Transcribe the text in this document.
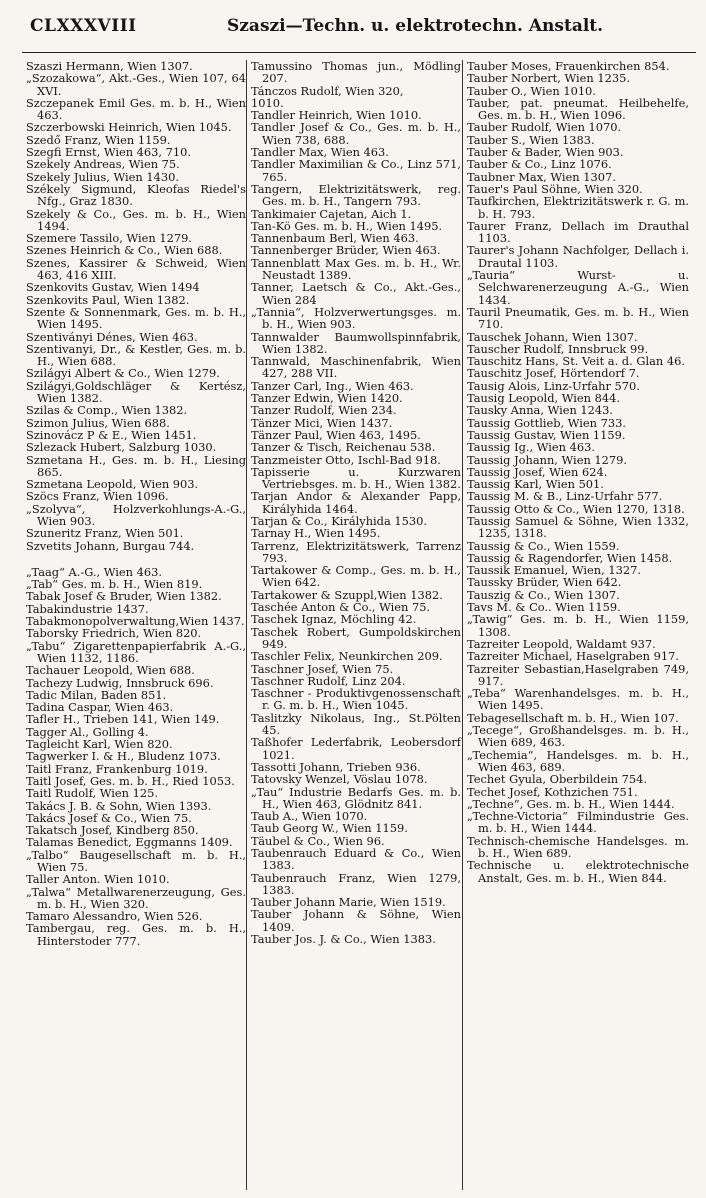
CLXXXVIII	Szaszi—Techn. u. elektrotechn. Anstalt.
Szaszi Hermann, Wien 1307.
„Szozakowa“, Akt.-Ges., Wien 107, 64 XVI.
Szczepanek Emil Ges. m. b. H., Wien 463.
Szczerbowski Heinrich, Wien 1045.
Szedő Franz, Wien 1159.
Szegfi Ernst, Wien 463, 710.
Szekely Andreas, Wien 75.
Szekely Julius, Wien 1430.
Székely Sigmund, Kleofas Riedel's Nfg., Graz 1830.
Szekely & Co., Ges. m. b. H., Wien 1494.
Szemere Tassilo, Wien 1279.
Szenes Heinrich & Co., Wien 688.
Szenes, Kassirer & Schweid, Wien 463, 416 XIII.
Szenkovits Gustav, Wien 1494
Szenkovits Paul, Wien 1382.
Szente & Sonnenmark, Ges. m. b. H., Wien 1495.
Szentiványi Dénes, Wien 463.
Szentivanyi, Dr., & Kestler, Ges. m. b. H., Wien 688.
Szilágyi Albert & Co., Wien 1279.
Szilágyi,Goldschläger & Kertész, Wien 1382.
Szilas & Comp., Wien 1382.
Szimon Julius, Wien 688.
Szinovácz P & E., Wien 1451.
Szlezack Hubert, Salzburg 1030.
Szmetana H., Ges. m. b. H., Liesing 865.
Szmetana Leopold, Wien 903.
Szöcs Franz, Wien 1096.
„Szolyva“, Holzverkohlungs-A.-G., Wien 903.
Szuneritz Franz, Wien 501.
Szvetits Johann, Burgau 744.
„Taag“ A.-G., Wien 463.
„Tab“ Ges. m. b. H., Wien 819.
Tabak Josef & Bruder, Wien 1382.
Tabakindustrie 1437.
Tabakmonopolverwaltung,Wien 1437.
Taborsky Friedrich, Wien 820.
„Tabu“ Zigarettenpapierfabrik A.-G., Wien 1132, 1186.
Tachauer Leopold, Wien 688.
Tachezy Ludwig, Innsbruck 696.
Tadic Milan, Baden 851.
Tadina Caspar, Wien 463.
Tafler H., Trieben 141, Wien 149.
Tagger Al., Golling 4.
Tagleicht Karl, Wien 820.
Tagwerker I. & H., Bludenz 1073.
Taitl Franz, Frankenburg 1019.
Taitl Josef, Ges. m. b. H., Ried 1053.
Taitl Rudolf, Wien 125.
Takács J. B. & Sohn, Wien 1393.
Takács Josef & Co., Wien 75.
Takatsch Josef, Kindberg 850.
Talamas Benedict, Eggmanns 1409.
„Talbo“ Baugesellschaft m. b. H., Wien 75.
Taller Anton. Wien 1010.
„Talwa“ Metallwarenerzeugung, Ges. m. b. H., Wien 320.
Tamaro Alessandro, Wien 526.
Tambergau, reg. Ges. m. b. H., Hinterstoder 777.
Tamussino Thomas jun., Mödling 207.
Tánczos Rudolf, Wien 320,
1010.
Tandler Heinrich, Wien 1010.
Tandler Josef & Co., Ges. m. b. H., Wien 738, 688.
Tandler Max, Wien 463.
Tandler Maximilian & Co., Linz 571, 765.
Tangern, Elektrizitätswerk, reg. Ges. m. b. H., Tangern 793.
Tankimaier Cajetan, Aich 1.
Tan-Kö Ges. m. b. H., Wien 1495.
Tannenbaum Berl, Wien 463.
Tannenberger Brüder, Wien 463.
Tannenblatt Max Ges. m. b. H., Wr. Neustadt 1389.
Tanner, Laetsch & Co., Akt.-Ges., Wien 284
„Tannia“, Holzverwertungsges. m. b. H., Wien 903.
Tannwalder Baumwollspinnfabrik, Wien 1382.
Tannwald, Maschinenfabrik, Wien 427, 288 VII.
Tanzer Carl, Ing., Wien 463.
Tanzer Edwin, Wien 1420.
Tanzer Rudolf, Wien 234.
Tänzer Mici, Wien 1437.
Tänzer Paul, Wien 463, 1495.
Tanzer & Tisch, Reichenau 538.
Tanzmeister Otto, Ischl-Bad 918.
Tapisserie u. Kurzwaren Vertriebsges. m. b. H., Wien 1382.
Tarjan Andor & Alexander Papp, Királyhida 1464.
Tarjan & Co., Királyhida 1530.
Tarnay H., Wien 1495.
Tarrenz, Elektrizitätswerk, Tarrenz 793.
Tartakower & Comp., Ges. m. b. H., Wien 642.
Tartakower & Szuppl,Wien 1382.
Taschée Anton & Co., Wien 75.
Taschek Ignaz, Möchling 42.
Taschek Robert, Gumpoldskirchen 949.
Taschler Felix, Neunkirchen 209.
Taschner Josef, Wien 75.
Taschner Rudolf, Linz 204.
Taschner - Produktivgenossenschaft r. G. m. b. H., Wien 1045.
Taslitzky Nikolaus, Ing., St.Pölten 45.
Taßhofer Lederfabrik, Leobersdorf 1021.
Tassotti Johann, Trieben 936.
Tatovsky Wenzel, Vöslau 1078.
„Tau“ Industrie Bedarfs Ges. m. b. H., Wien 463, Glödnitz 841.
Taub A., Wien 1070.
Taub Georg W., Wien 1159.
Täubel & Co., Wien 96.
Taubenrauch Eduard & Co., Wien 1383.
Taubenrauch Franz, Wien 1279, 1383.
Tauber Johann Marie, Wien 1519.
Tauber Johann & Söhne, Wien 1409.
Tauber Jos. J. & Co., Wien 1383.
Tauber Moses, Frauenkirchen 854.
Tauber Norbert, Wien 1235.
Tauber O., Wien 1010.
Tauber, pat. pneumat. Heilbehelfe, Ges. m. b. H., Wien 1096.
Tauber Rudolf, Wien 1070.
Tauber S., Wien 1383.
Tauber & Bader, Wien 903.
Tauber & Co., Linz 1076.
Taubner Max, Wien 1307.
Tauer's Paul Söhne, Wien 320.
Taufkirchen, Elektrizitätswerk r. G. m. b. H. 793.
Taurer Franz, Dellach im Drauthal 1103.
Taurer's Johann Nachfolger, Dellach i. Drautal 1103.
„Tauria“ Wurst- u. Selchwarenerzeugung A.-G., Wien 1434.
Tauril Pneumatik, Ges. m. b. H., Wien 710.
Tauschek Johann, Wien 1307.
Tauscher Rudolf, Innsbruck 99.
Tauschitz Hans, St. Veit a. d. Glan 46.
Tauschitz Josef, Hörtendorf 7.
Tausig Alois, Linz-Urfahr 570.
Tausig Leopold, Wien 844.
Tausky Anna, Wien 1243.
Taussig Gottlieb, Wien 733.
Taussig Gustav, Wien 1159.
Taussig Ig., Wien 463.
Taussig Johann, Wien 1279.
Taussig Josef, Wien 624.
Taussig Karl, Wien 501.
Taussig M. & B., Linz-Urfahr 577.
Taussig Otto & Co., Wien 1270, 1318.
Taussig Samuel & Söhne, Wien 1332, 1235, 1318.
Taussig & Co., Wien 1559.
Taussig & Ragendorfer, Wien 1458.
Taussik Emanuel, Wien, 1327.
Taussky Brüder, Wien 642.
Tauszig & Co., Wien 1307.
Tavs M. & Co.. Wien 1159.
„Tawig“ Ges. m. b. H., Wien 1159, 1308.
Tazreiter Leopold, Waldamt 937.
Tazreiter Michael, Haselgraben 917.
Tazreiter Sebastian,Haselgraben 749, 917.
„Teba“ Warenhandelsges. m. b. H., Wien 1495.
Tebagesellschaft m. b. H., Wien 107.
„Tecege“, Großhandelsges. m. b. H., Wien 689, 463.
„Techemia“, Handelsges. m. b. H., Wien 463, 689.
Techet Gyula, Oberbildein 754.
Techet Josef, Kothzichen 751.
„Techne“, Ges. m. b. H., Wien 1444.
„Techne-Victoria“ Filmindustrie Ges. m. b. H., Wien 1444.
Technisch-chemische Handelsges. m. b. H., Wien 689.
Technische u. elektrotechnische Anstalt, Ges. m. b. H., Wien 844.
